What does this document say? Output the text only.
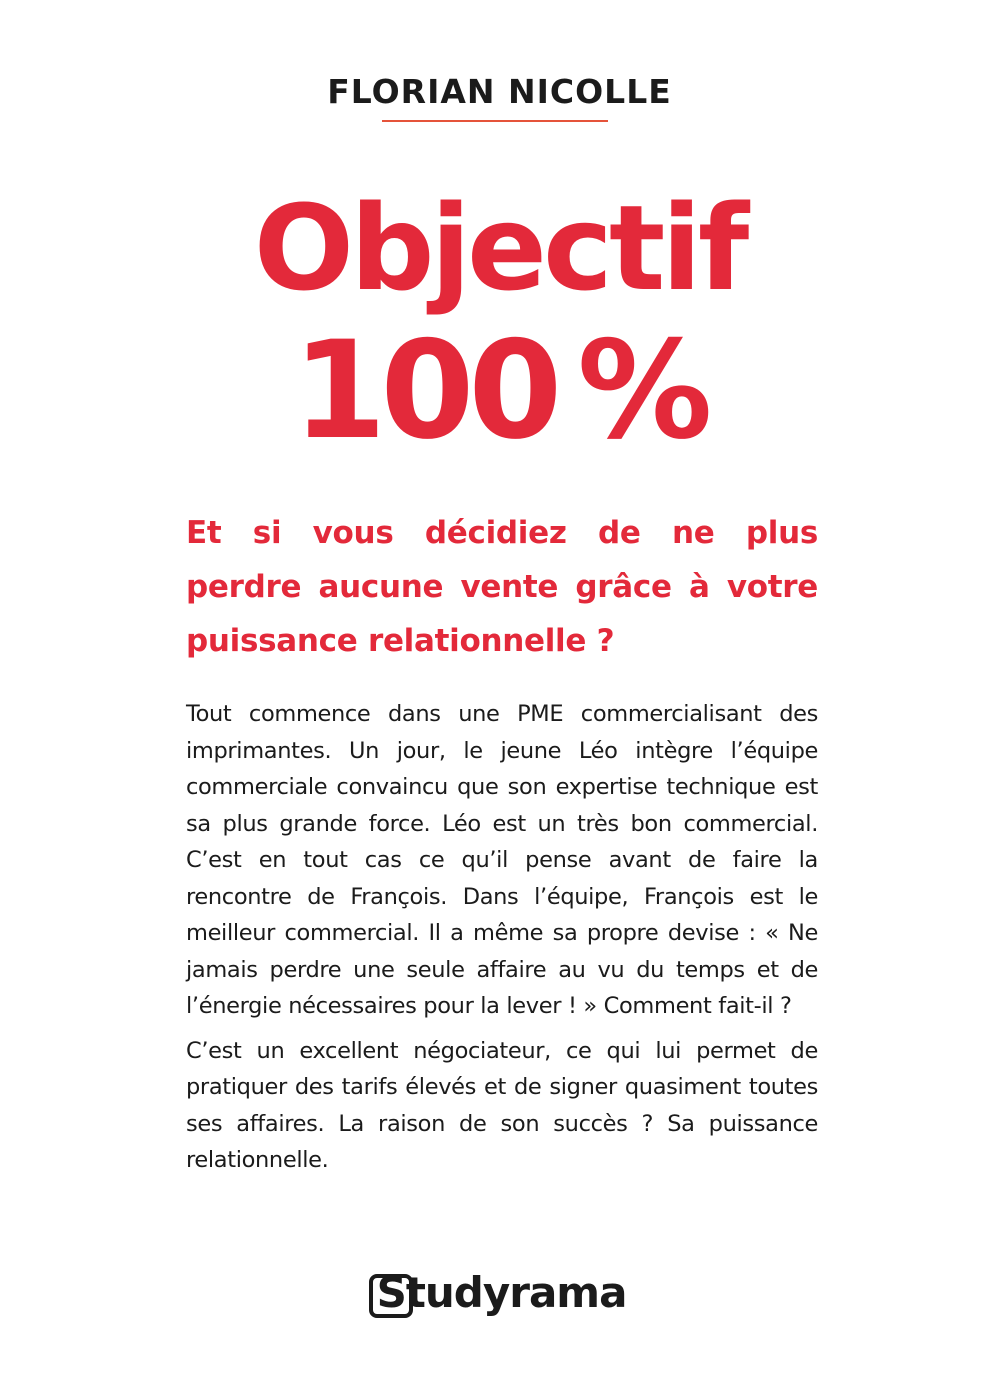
FLORIAN NICOLLE
Objectif
100 %
Et si vous décidiez de ne plus perdre aucune vente grâce à votre puissance relationnelle ?

Tout commence dans une PME commercialisant des imprimantes. Un jour, le jeune Léo intègre l’équipe commerciale convaincu que son expertise technique est sa plus grande force. Léo est un très bon commercial. C’est en tout cas ce qu’il pense avant de faire la rencontre de François. Dans l’équipe, François est le meilleur commercial. Il a même sa propre devise : « Ne jamais perdre une seule affaire au vu du temps et de l’énergie nécessaires pour la lever ! » Comment fait-il ?

C’est un excellent négociateur, ce qui lui permet de pratiquer des tarifs élevés et de signer quasiment toutes ses affaires. La raison de son succès ? Sa puissance relationnelle.

Studyrama
